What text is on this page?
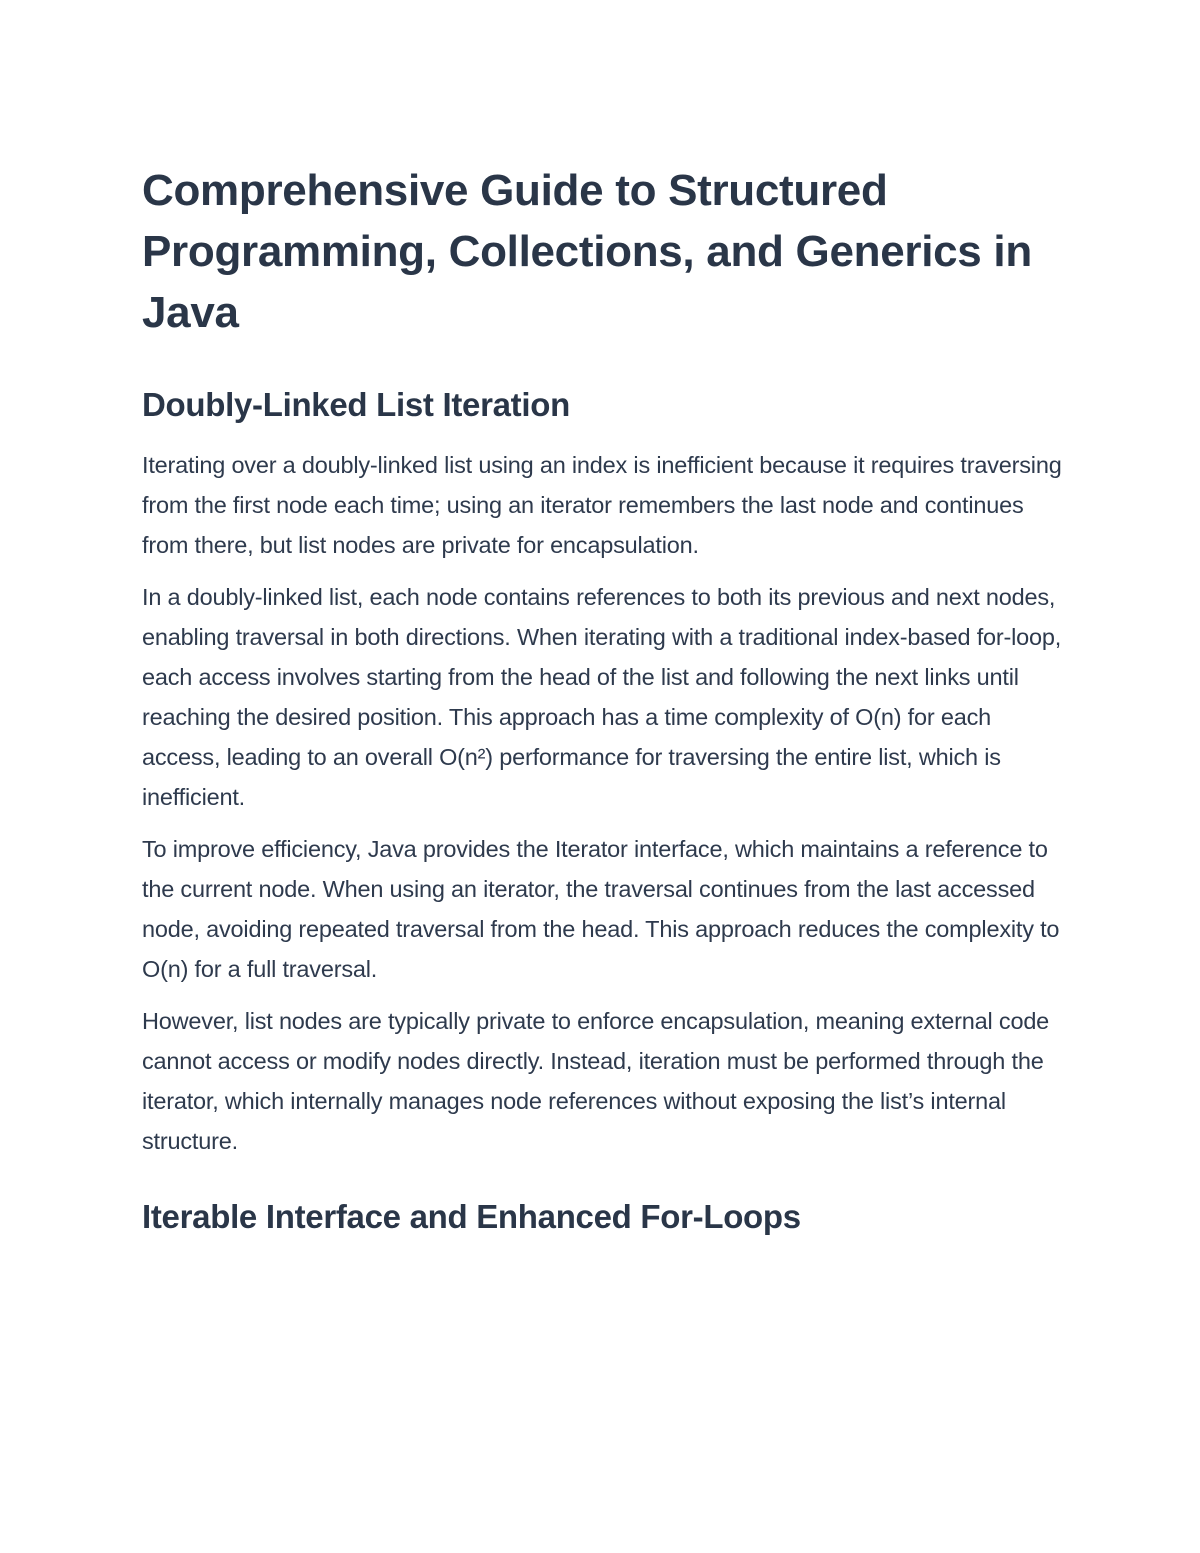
Comprehensive Guide to Structured Programming, Collections, and Generics in Java
Doubly-Linked List Iteration

Iterating over a doubly-linked list using an index is inefficient because it requires traversing from the first node each time; using an iterator remembers the last node and continues from there, but list nodes are private for encapsulation.

In a doubly-linked list, each node contains references to both its previous and next nodes, enabling traversal in both directions. When iterating with a traditional index-based for-loop, each access involves starting from the head of the list and following the next links until reaching the desired position. This approach has a time complexity of O(n) for each access, leading to an overall O(n²) performance for traversing the entire list, which is inefficient.

To improve efficiency, Java provides the Iterator interface, which maintains a reference to the current node. When using an iterator, the traversal continues from the last accessed node, avoiding repeated traversal from the head. This approach reduces the complexity to O(n) for a full traversal.

However, list nodes are typically private to enforce encapsulation, meaning external code cannot access or modify nodes directly. Instead, iteration must be performed through the iterator, which internally manages node references without exposing the list’s internal structure.

Iterable Interface and Enhanced For-Loops
